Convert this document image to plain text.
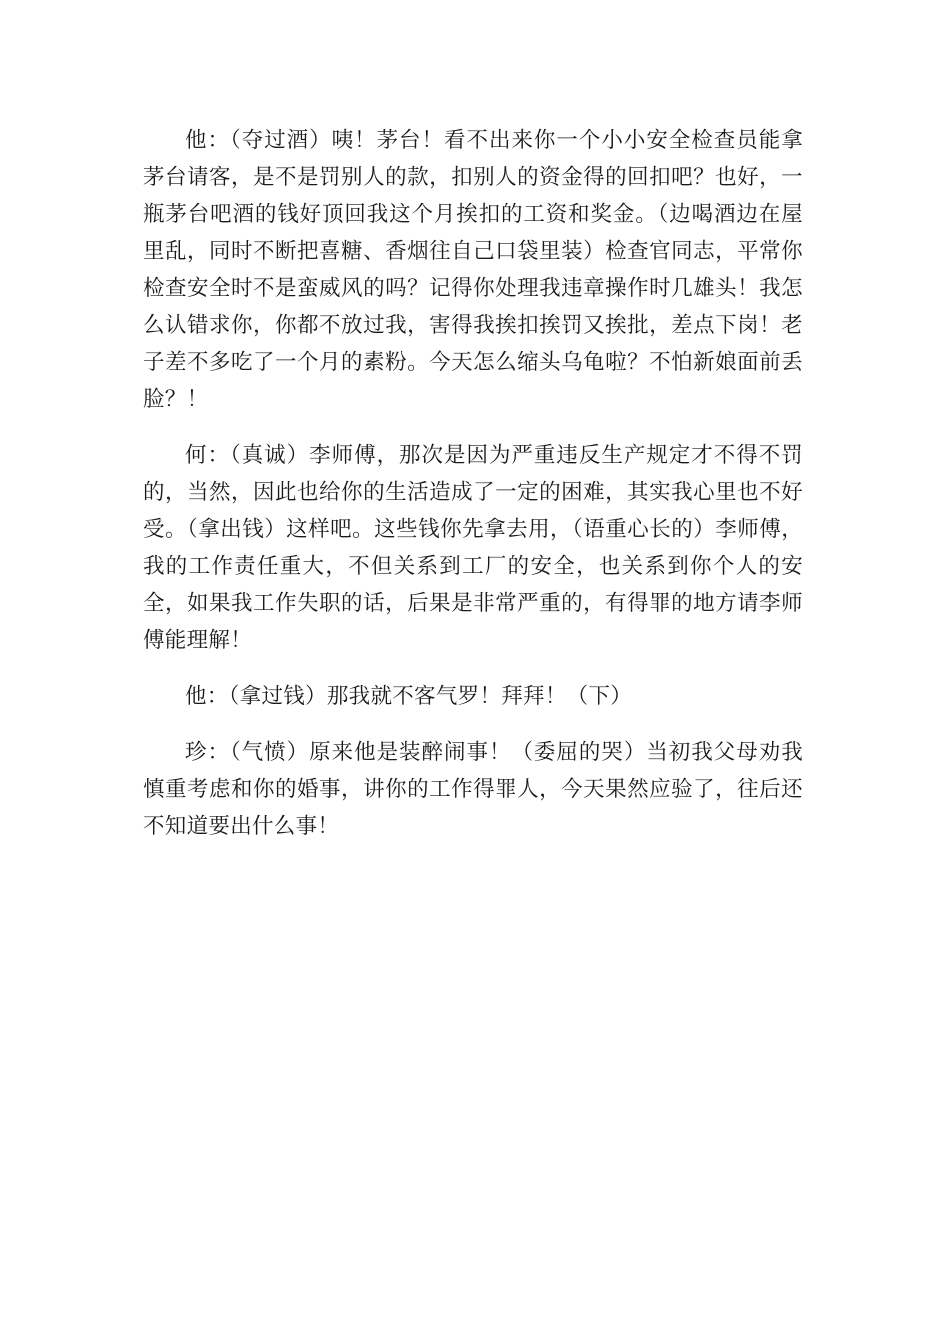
他：（夺过酒）咦！茅台！看不出来你一个小小安全检查员能拿茅台请客，是不是罚别人的款，扣别人的资金得的回扣吧？也好，一瓶茅台吧酒的钱好顶回我这个月挨扣的工资和奖金。（边喝酒边在屋里乱，同时不断把喜糖、香烟往自己口袋里装）检查官同志，平常你检查安全时不是蛮威风的吗？记得你处理我违章操作时几雄头！我怎么认错求你，你都不放过我，害得我挨扣挨罚又挨批，差点下岗！老子差不多吃了一个月的素粉。今天怎么缩头乌龟啦？不怕新娘面前丢脸？！

何：（真诚）李师傅，那次是因为严重违反生产规定才不得不罚的，当然，因此也给你的生活造成了一定的困难，其实我心里也不好受。（拿出钱）这样吧。这些钱你先拿去用，（语重心长的）李师傅，我的工作责任重大，不但关系到工厂的安全，也关系到你个人的安全，如果我工作失职的话，后果是非常严重的，有得罪的地方请李师傅能理解！

他：（拿过钱）那我就不客气罗！拜拜！（下）

珍：（气愤）原来他是装醉闹事！（委屈的哭）当初我父母劝我慎重考虑和你的婚事，讲你的工作得罪人，今天果然应验了，往后还不知道要出什么事！
